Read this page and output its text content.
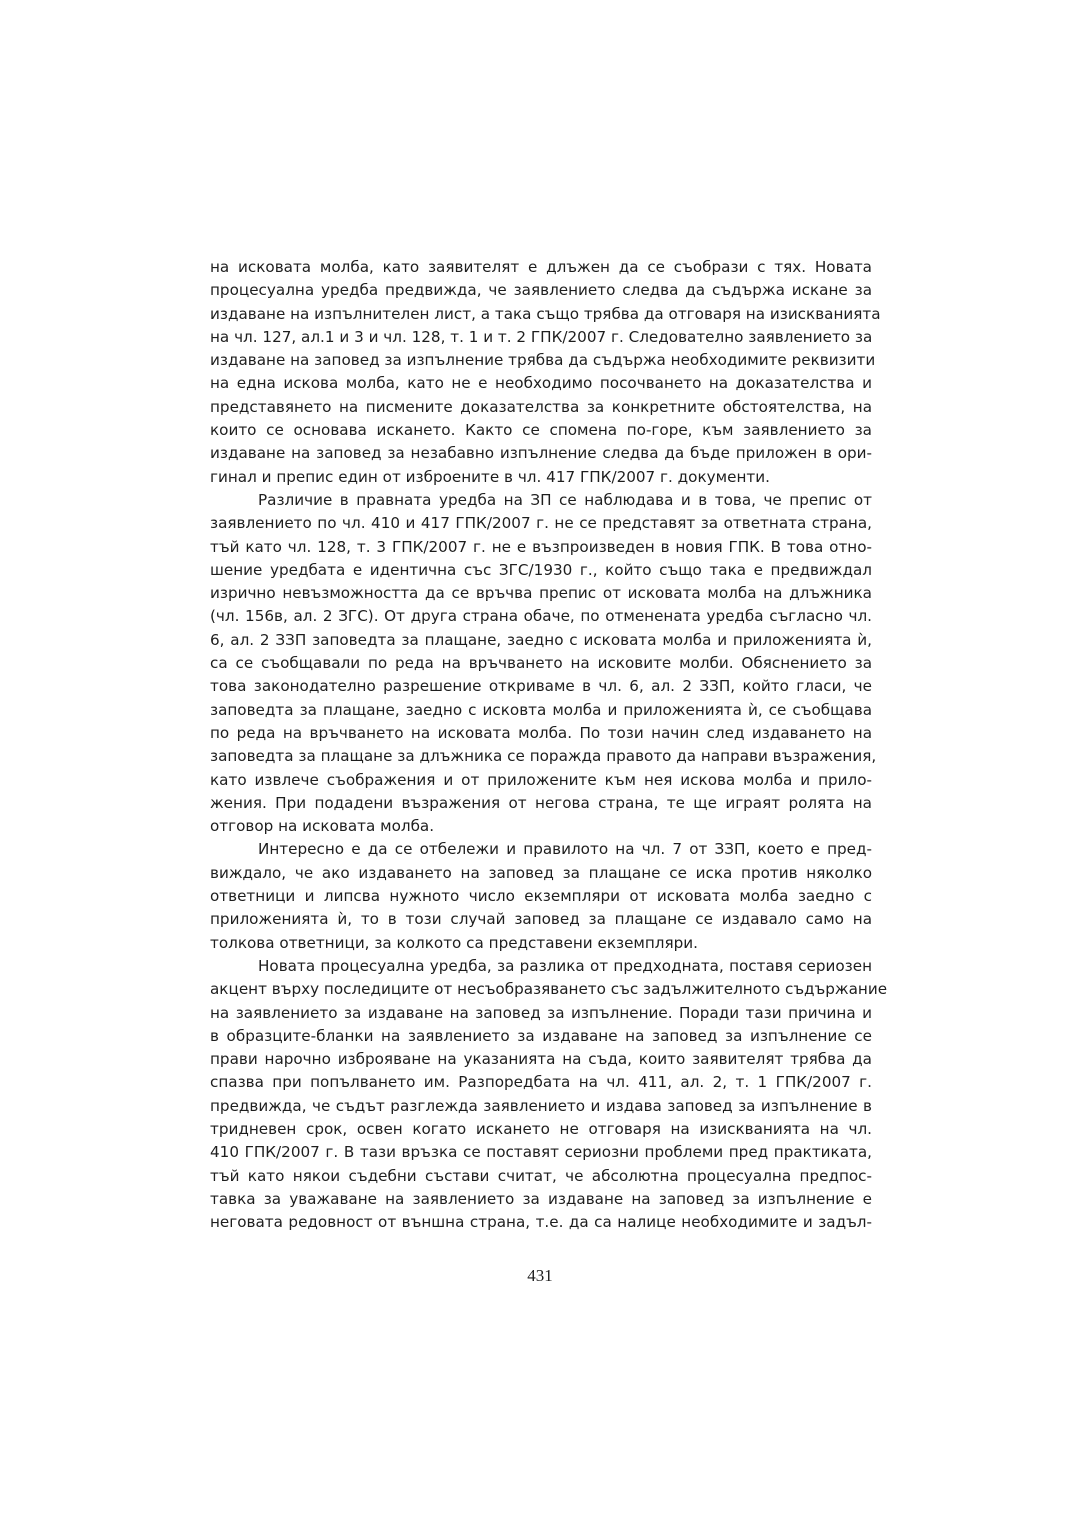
на исковата молба, като заявителят е длъжен да се съобрази с тях. Новата
процесуална уредба предвижда, че заявлението следва да съдържа искане за
издаване на изпълнителен лист, а така също трябва да отговаря на изискванията
на чл. 127, ал.1 и 3 и чл. 128, т. 1 и т. 2 ГПК/2007 г. Следователно заявлението за
издаване на заповед за изпълнение трябва да съдържа необходимите реквизити
на една искова молба, като не е необходимо посочването на доказателства и
представянето на писмените доказателства за конкретните обстоятелства, на
които се основава искането. Както се спомена по-горе, към заявлението за
издаване на заповед за незабавно изпълнение следва да бъде приложен в ори-
гинал и препис един от изброените в чл. 417 ГПК/2007 г. документи.

Различие в правната уредба на ЗП се наблюдава и в това, че препис от
заявлението по чл. 410 и 417 ГПК/2007 г. не се представят за ответната страна,
тъй като чл. 128, т. 3 ГПК/2007 г. не е възпроизведен в новия ГПК. В това отно-
шение уредбата е идентична със ЗГС/1930 г., който също така е предвиждал
изрично невъзможността да се връчва препис от исковата молба на длъжника
(чл. 156в, ал. 2 ЗГС). От друга страна обаче, по отменената уредба съгласно чл.
6, ал. 2 ЗЗП заповедта за плащане, заедно с исковата молба и приложенията ѝ,
са се съобщавали по реда на връчването на исковите молби. Обяснението за
това законодателно разрешение откриваме в чл. 6, ал. 2 ЗЗП, който гласи, че
заповедта за плащане, заедно с исковта молба и приложенията ѝ, се съобщава
по реда на връчването на исковата молба. По този начин след издаването на
заповедта за плащане за длъжника се поражда правото да направи възражения,
като извлече съображения и от приложените към нея искова молба и прило-
жения. При подадени възражения от негова страна, те ще играят ролята на
отговор на исковата молба.

Интересно е да се отбележи и правилото на чл. 7 от ЗЗП, което е пред-
виждало, че ако издаването на заповед за плащане се иска против няколко
ответници и липсва нужното число екземпляри от исковата молба заедно с
приложенията ѝ, то в този случай заповед за плащане се издавало само на
толкова ответници, за колкото са представени екземпляри.

Новата процесуална уредба, за разлика от предходната, поставя сериозен
акцент върху последиците от несъобразяването със задължителното съдържание
на заявлението за издаване на заповед за изпълнение. Поради тази причина и
в образците-бланки на заявлението за издаване на заповед за изпълнение се
прави нарочно изброяване на указанията на съда, които заявителят трябва да
спазва при попълването им. Разпоредбата на чл. 411, ал. 2, т. 1 ГПК/2007 г.
предвижда, че съдът разглежда заявлението и издава заповед за изпълнение в
тридневен срок, освен когато искането не отговаря на изискванията на чл.
410 ГПК/2007 г. В тази връзка се поставят сериозни проблеми пред практиката,
тъй като някои съдебни състави считат, че абсолютна процесуална предпос-
тавка за уважаване на заявлението за издаване на заповед за изпълнение е
неговата редовност от външна страна, т.е. да са налице необходимите и задъл-

431
